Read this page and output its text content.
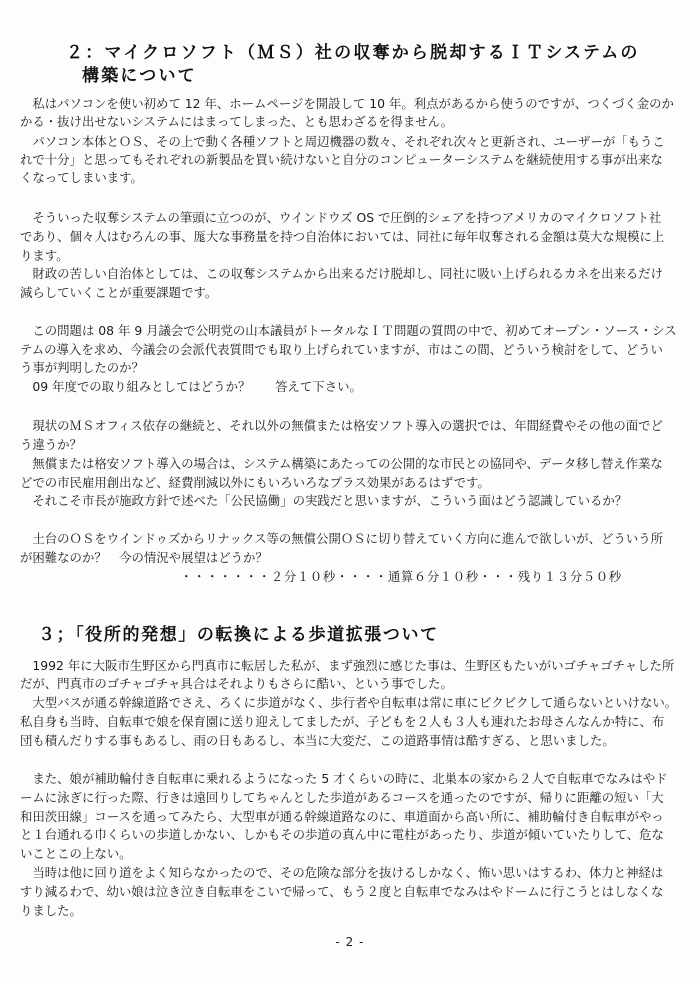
２：マイクロソフト（ＭＳ）社の収奪から脱却するＩＴシステムの
構築について
　私はパソコンを使い初めて 12 年、ホームページを開設して 10 年。利点があるから使うのですが、つくづく金のか
かる・抜け出せないシステムにはまってしまった、とも思わざるを得ません。
　パソコン本体とＯＳ、その上で動く各種ソフトと周辺機器の数々、それぞれ次々と更新され、ユーザーが「もうこ
れで十分」と思ってもそれぞれの新製品を買い続けないと自分のコンピューターシステムを継続使用する事が出来な
くなってしまいます。
　そういった収奪システムの筆頭に立つのが、ウインドウズ OS で圧倒的シェアを持つアメリカのマイクロソフト社
であり、個々人はむろんの事、厖大な事務量を持つ自治体においては、同社に毎年収奪される金額は莫大な規模に上
ります。
　財政の苦しい自治体としては、この収奪システムから出来るだけ脱却し、同社に吸い上げられるカネを出来るだけ
減らしていくことが重要課題です。
　この問題は 08 年 9 月議会で公明党の山本議員がトータルなＩＴ問題の質問の中で、初めてオープン・ソース・シス
テムの導入を求め、今議会の会派代表質問でも取り上げられていますが、市はこの間、どういう検討をして、どうい
う事が判明したのか？
　09 年度での取り組みとしてはどうか？　　答えて下さい。
　現状のＭＳオフィス依存の継続と、それ以外の無償または格安ソフト導入の選択では、年間経費やその他の面でど
う違うか？
　無償または格安ソフト導入の場合は、システム構築にあたっての公開的な市民との協同や、データ移し替え作業な
どでの市民雇用創出など、経費削減以外にもいろいろなプラス効果があるはずです。
　それこそ市長が施政方針で述べた「公民協働」の実践だと思いますが、こういう面はどう認識しているか？
　土台のＯＳをウインドゥズからリナックス等の無償公開ＯＳに切り替えていく方向に進んで欲しいが、どういう所
が困難なのか？　今の情況や展望はどうか？
・・・・・・・２分１０秒・・・・通算６分１０秒・・・残り１３分５０秒
３；「役所的発想」の転換による歩道拡張ついて
　1992 年に大阪市生野区から門真市に転居した私が、まず強烈に感じた事は、生野区もたいがいゴチャゴチャした所
だが、門真市のゴチャゴチャ具合はそれよりもさらに酷い、という事でした。
　大型バスが通る幹線道路でさえ、ろくに歩道がなく、歩行者や自転車は常に車にビクビクして通らないといけない。
私自身も当時、自転車で娘を保育園に送り迎えしてましたが、子どもを２人も３人も連れたお母さんなんか特に、布
団も積んだりする事もあるし、雨の日もあるし、本当に大変だ、この道路事情は酷すぎる、と思いました。
　また、娘が補助輪付き自転車に乗れるようになった 5 才くらいの時に、北巣本の家から２人で自転車でなみはやド
ームに泳ぎに行った際、行きは遠回りしてちゃんとした歩道があるコースを通ったのですが、帰りに距離の短い「大
和田茨田線」コースを通ってみたら、大型車が通る幹線道路なのに、車道面から高い所に、補助輪付き自転車がやっ
と１台通れる巾くらいの歩道しかない、しかもその歩道の真ん中に電柱があったり、歩道が傾いていたりして、危な
いことこの上ない。
　当時は他に回り道をよく知らなかったので、その危険な部分を抜けるしかなく、怖い思いはするわ、体力と神経は
すり減るわで、幼い娘は泣き泣き自転車をこいで帰って、もう２度と自転車でなみはやドームに行こうとはしなくな
りました。
- 2 -
